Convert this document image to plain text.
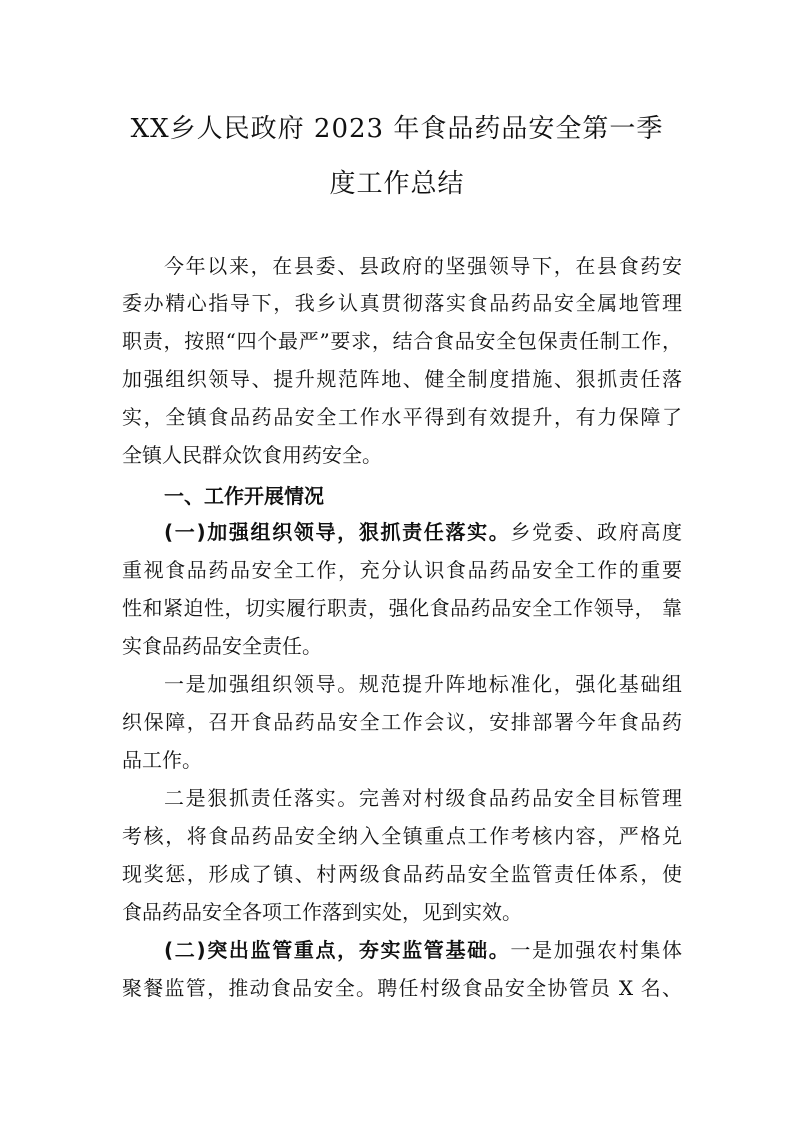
XX乡人民政府 2023 年食品药品安全第一季
度工作总结
今年以来，在县委、县政府的坚强领导下，在县食药安
委办精心指导下，我乡认真贯彻落实食品药品安全属地管理
职责，按照“四个最严”要求，结合食品安全包保责任制工作，
加强组织领导、提升规范阵地、健全制度措施、狠抓责任落
实，全镇食品药品安全工作水平得到有效提升，有力保障了
全镇人民群众饮食用药安全。
一、工作开展情况
(一)加强组织领导，狠抓责任落实。乡党委、政府高度
重视食品药品安全工作，充分认识食品药品安全工作的重要
性和紧迫性，切实履行职责，强化食品药品安全工作领导， 靠
实食品药品安全责任。
一是加强组织领导。规范提升阵地标准化，强化基础组
织保障，召开食品药品安全工作会议，安排部署今年食品药
品工作。
二是狠抓责任落实。完善对村级食品药品安全目标管理
考核，将食品药品安全纳入全镇重点工作考核内容，严格兑
现奖惩，形成了镇、村两级食品药品安全监管责任体系，使
食品药品安全各项工作落到实处，见到实效。
(二)突出监管重点，夯实监管基础。一是加强农村集体
聚餐监管，推动食品安全。聘任村级食品安全协管员 X 名、
